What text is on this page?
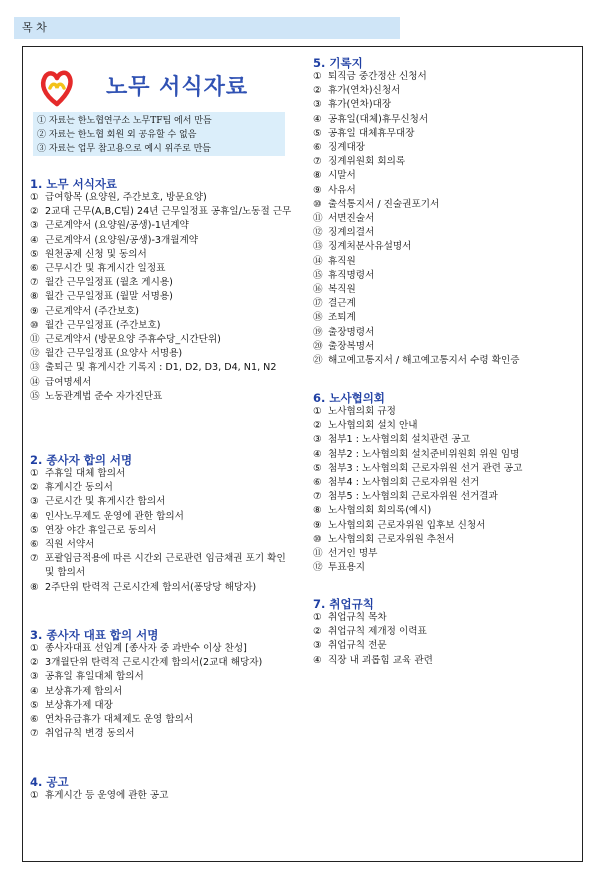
목 차
노무 서식자료
① 자료는 한노협연구소 노무TF팀 에서 만듬
② 자료는 한노협 회원 외 공유할 수 없음
③ 자료는 업무 참고용으로 예시 위주로 만듬
1. 노무 서식자료
① 급여항목 (요양원, 주간보호, 방문요양)
② 2교대 근무(A,B,C팀) 24년 근무일정표 공휴일/노동절 근무
③ 근로계약서 (요양원/공생)-1년계약
④ 근로계약서 (요양원/공생)-3개월계약
⑤ 원천공제 신청 및 동의서
⑥ 근무시간 및 휴게시간 일정표
⑦ 월간 근무일정표 (월초 게시용)
⑧ 월간 근무일정표 (월말 서명용)
⑨ 근로계약서 (주간보호)
⑩ 월간 근무일정표 (주간보호)
⑪ 근로계약서 (방문요양 주휴수당_시간단위)
⑫ 월간 근무일정표 (요양사 서명용)
⑬ 출퇴근 및 휴게시간 기록지 : D1, D2, D3, D4, N1, N2
⑭ 급여명세서
⑮ 노동관계법 준수 자가진단표
2. 종사자 합의 서명
① 주휴일 대체 합의서
② 휴게시간 동의서
③ 근로시간 및 휴게시간 합의서
④ 인사노무제도 운영에 관한 합의서
⑤ 연장 야간 휴일근로 동의서
⑥ 직원 서약서
⑦ 포괄임금적용에 따른 시간외 근로관련 임금채권 포기 확인 및 합의서
⑧ 2주단위 탄력적 근로시간제 합의서(퐁당당 해당자)
3. 종사자 대표 합의 서명
① 종사자대표 선임계 [종사자 중 과반수 이상 찬성]
② 3개월단위 탄력적 근로시간제 합의서(2교대 해당자)
③ 공휴일 휴일대체 합의서
④ 보상휴가제 합의서
⑤ 보상휴가제 대장
⑥ 연차유급휴가 대체제도 운영 합의서
⑦ 취업규칙 변경 동의서
4. 공고
① 휴게시간 등 운영에 관한 공고
5. 기록지
① 퇴직금 중간정산 신청서
② 휴가(연차)신청서
③ 휴가(연차)대장
④ 공휴일(대체)휴무신청서
⑤ 공휴일 대체휴무대장
⑥ 징계대장
⑦ 징계위원회 회의록
⑧ 시말서
⑨ 사유서
⑩ 출석통지서 / 진술권포기서
⑪ 서면진술서
⑫ 징계의결서
⑬ 징계처분사유설명서
⑭ 휴직원
⑮ 휴직명령서
⑯ 복직원
⑰ 결근계
⑱ 조퇴계
⑲ 출장명령서
⑳ 출장복명서
㉑ 해고예고통지서 / 해고예고통지서 수령 확인증
6. 노사협의회
① 노사협의회 규정
② 노사협의회 설치 안내
③ 첨부1 : 노사협의회 설치관련 공고
④ 첨부2 : 노사협의회 설치준비위원회 위원 임명
⑤ 첨부3 : 노사협의회 근로자위원 선거 관련 공고
⑥ 첨부4 : 노사협의회 근로자위원 선거
⑦ 첨부5 : 노사협의회 근로자위원 선거결과
⑧ 노사협의회 회의록(예시)
⑨ 노사협의회 근로자위원 입후보 신청서
⑩ 노사협의회 근로자위원 추천서
⑪ 선거인 명부
⑫ 투표용지
7. 취업규칙
① 취업규칙 목차
② 취업규칙 제개정 이력표
③ 취업규칙 전문
④ 직장 내 괴롭힘 교육 관련
